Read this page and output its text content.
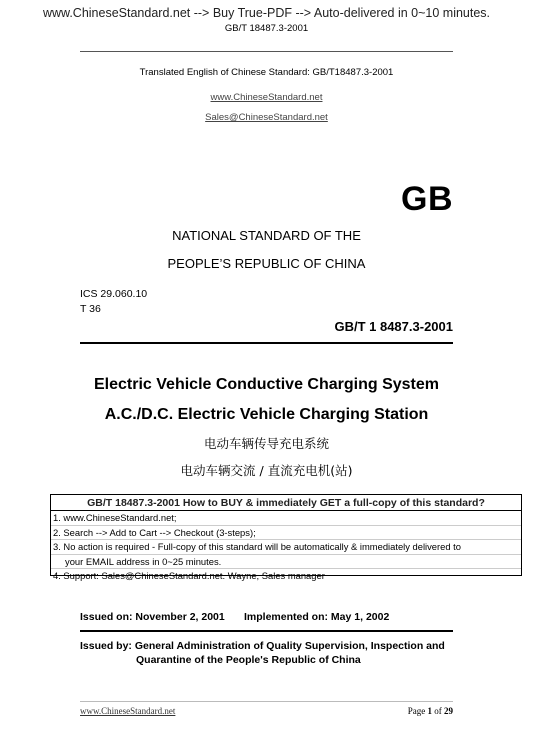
www.ChineseStandard.net --> Buy True-PDF --> Auto-delivered in 0~10 minutes.
GB/T 18487.3-2001
Translated English of Chinese Standard: GB/T18487.3-2001
www.ChineseStandard.net
Sales@ChineseStandard.net
GB
NATIONAL STANDARD OF THE
PEOPLE’S REPUBLIC OF CHINA
ICS 29.060.10
T 36
GB/T 1 8487.3-2001
Electric Vehicle Conductive Charging System
A.C./D.C. Electric Vehicle Charging Station
电动车辆传导充电系统
电动车辆交流 / 直流充电机(站)
GB/T 18487.3-2001 How to BUY & immediately GET a full-copy of this standard?
1. www.ChineseStandard.net;
2. Search --> Add to Cart --> Checkout (3-steps);
3. No action is required - Full-copy of this standard will be automatically & immediately delivered to
your EMAIL address in 0~25 minutes.
4. Support: Sales@ChineseStandard.net. Wayne, Sales manager
Issued on: November 2, 2001 Implemented on: May 1, 2002
Issued by: General Administration of Quality Supervision, Inspection and
Quarantine of the People's Republic of China
www.ChineseStandard.net	Page 1 of 29
